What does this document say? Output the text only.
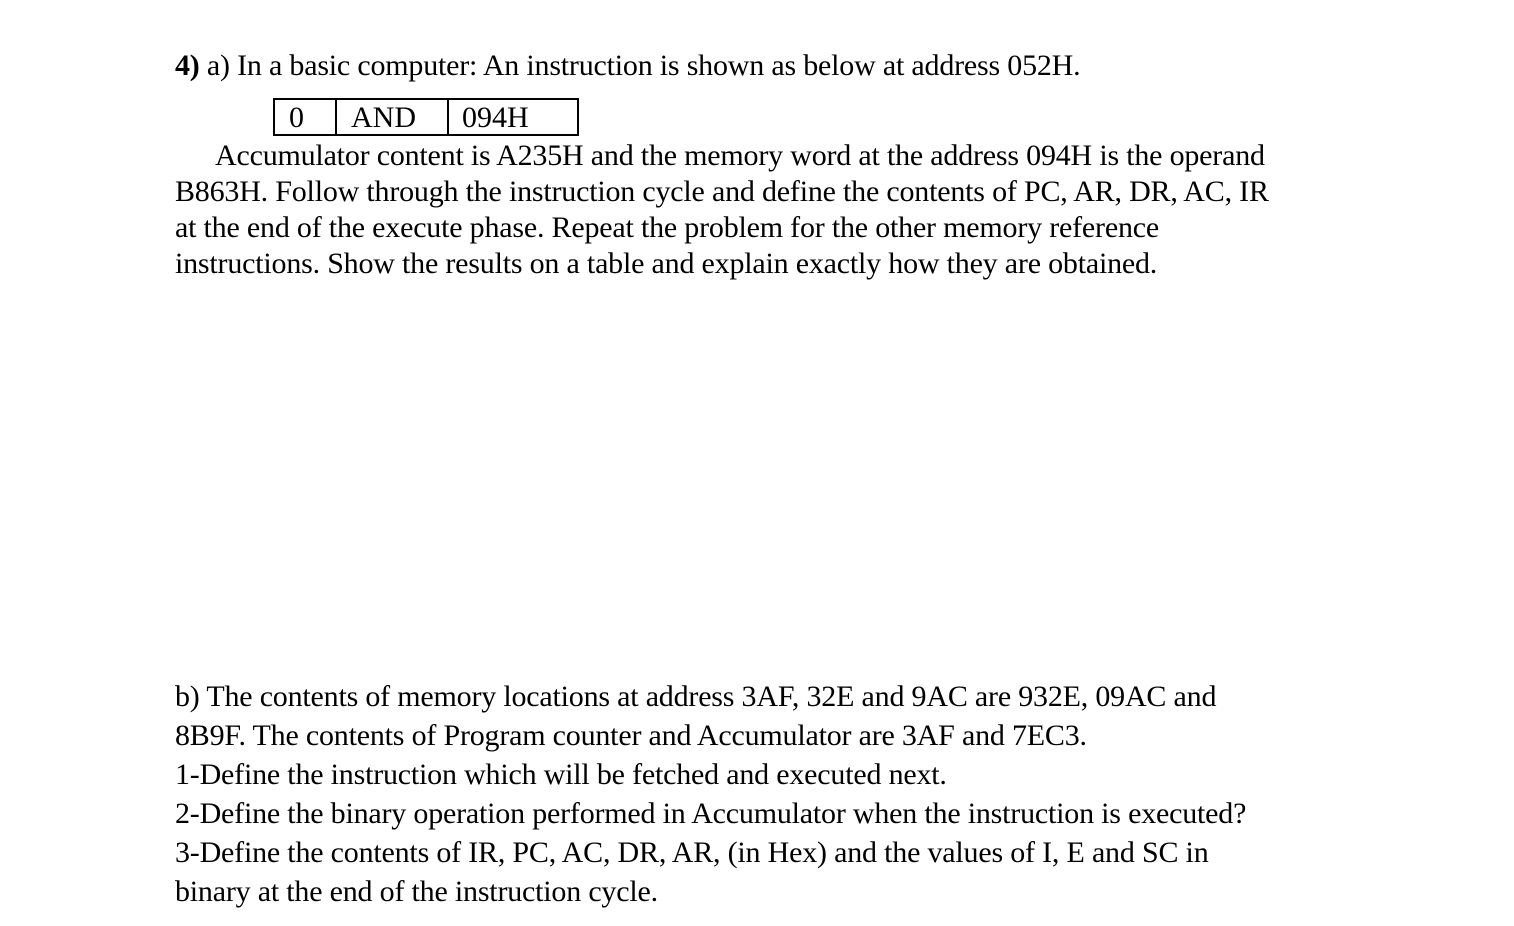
4) a) In a basic computer: An instruction is shown as below at address 052H.
0	AND	094H
Accumulator content is A235H and the memory word at the address 094H is the operand
B863H. Follow through the instruction cycle and define the contents of PC, AR, DR, AC, IR
at the end of the execute phase. Repeat the problem for the other memory reference
instructions. Show the results on a table and explain exactly how they are obtained.
b) The contents of memory locations at address 3AF, 32E and 9AC are 932E, 09AC and
8B9F. The contents of Program counter and Accumulator are 3AF and 7EC3.
1-Define the instruction which will be fetched and executed next.
2-Define the binary operation performed in Accumulator when the instruction is executed?
3-Define the contents of IR, PC, AC, DR, AR, (in Hex) and the values of I, E and SC in
binary at the end of the instruction cycle.
